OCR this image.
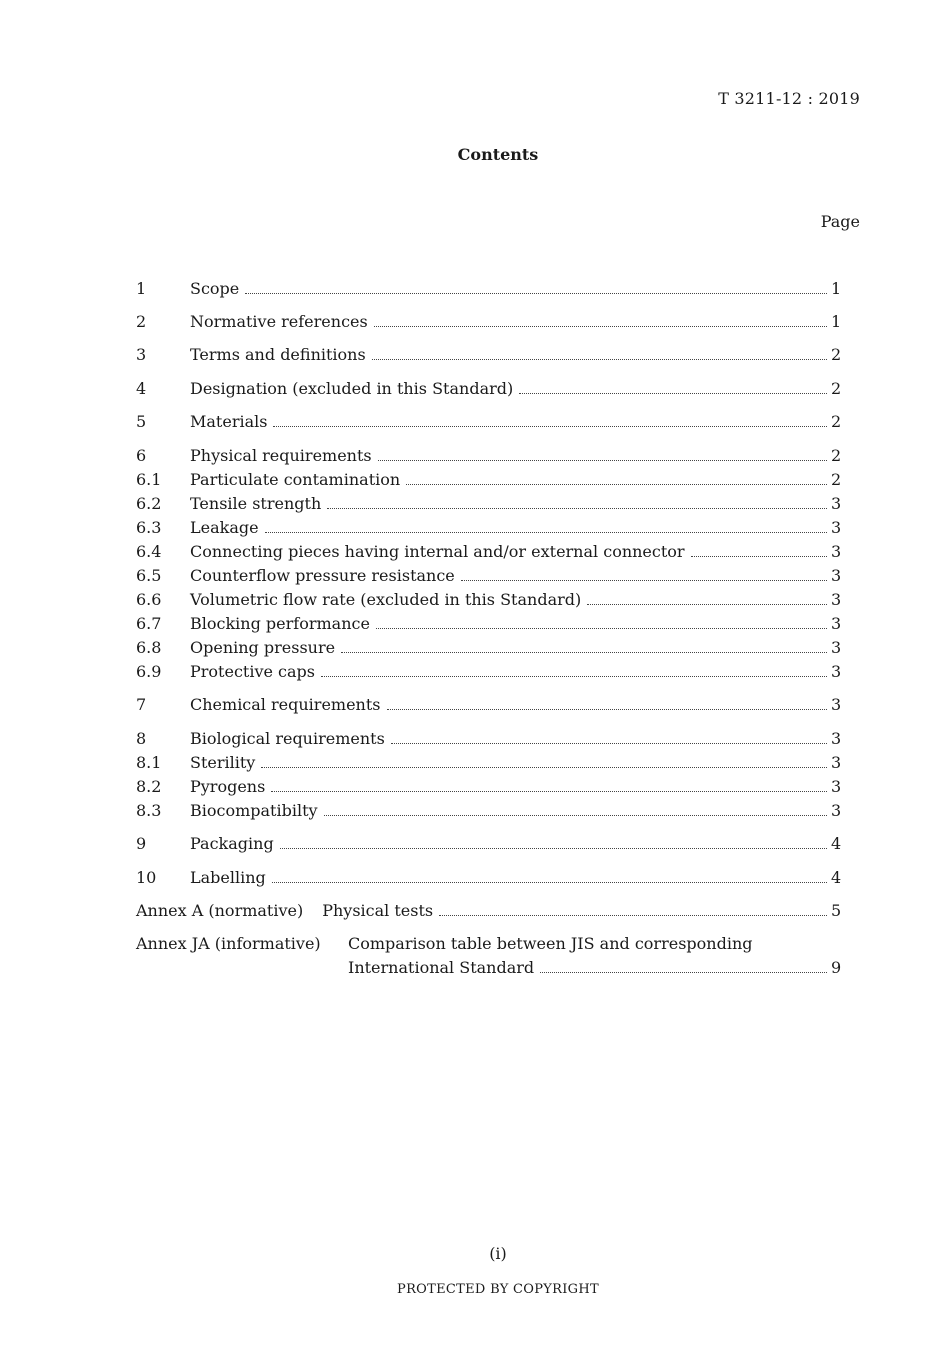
T 3211-12 : 2019
Contents
Page
1	Scope	1
2	Normative references	1
3	Terms and definitions	2
4	Designation (excluded in this Standard)	2
5	Materials	2
6	Physical requirements	2
6.1	Particulate contamination	2
6.2	Tensile strength	3
6.3	Leakage	3
6.4	Connecting pieces having internal and/or external connector	3
6.5	Counterflow pressure resistance	3
6.6	Volumetric flow rate (excluded in this Standard)	3
6.7	Blocking performance	3
6.8	Opening pressure	3
6.9	Protective caps	3
7	Chemical requirements	3
8	Biological requirements	3
8.1	Sterility	3
8.2	Pyrogens	3
8.3	Biocompatibilty	3
9	Packaging	4
10	Labelling	4
Annex A (normative) Physical tests	5
Annex JA (informative) Comparison table between JIS and corresponding
International Standard	9
(i)
PROTECTED BY COPYRIGHT
